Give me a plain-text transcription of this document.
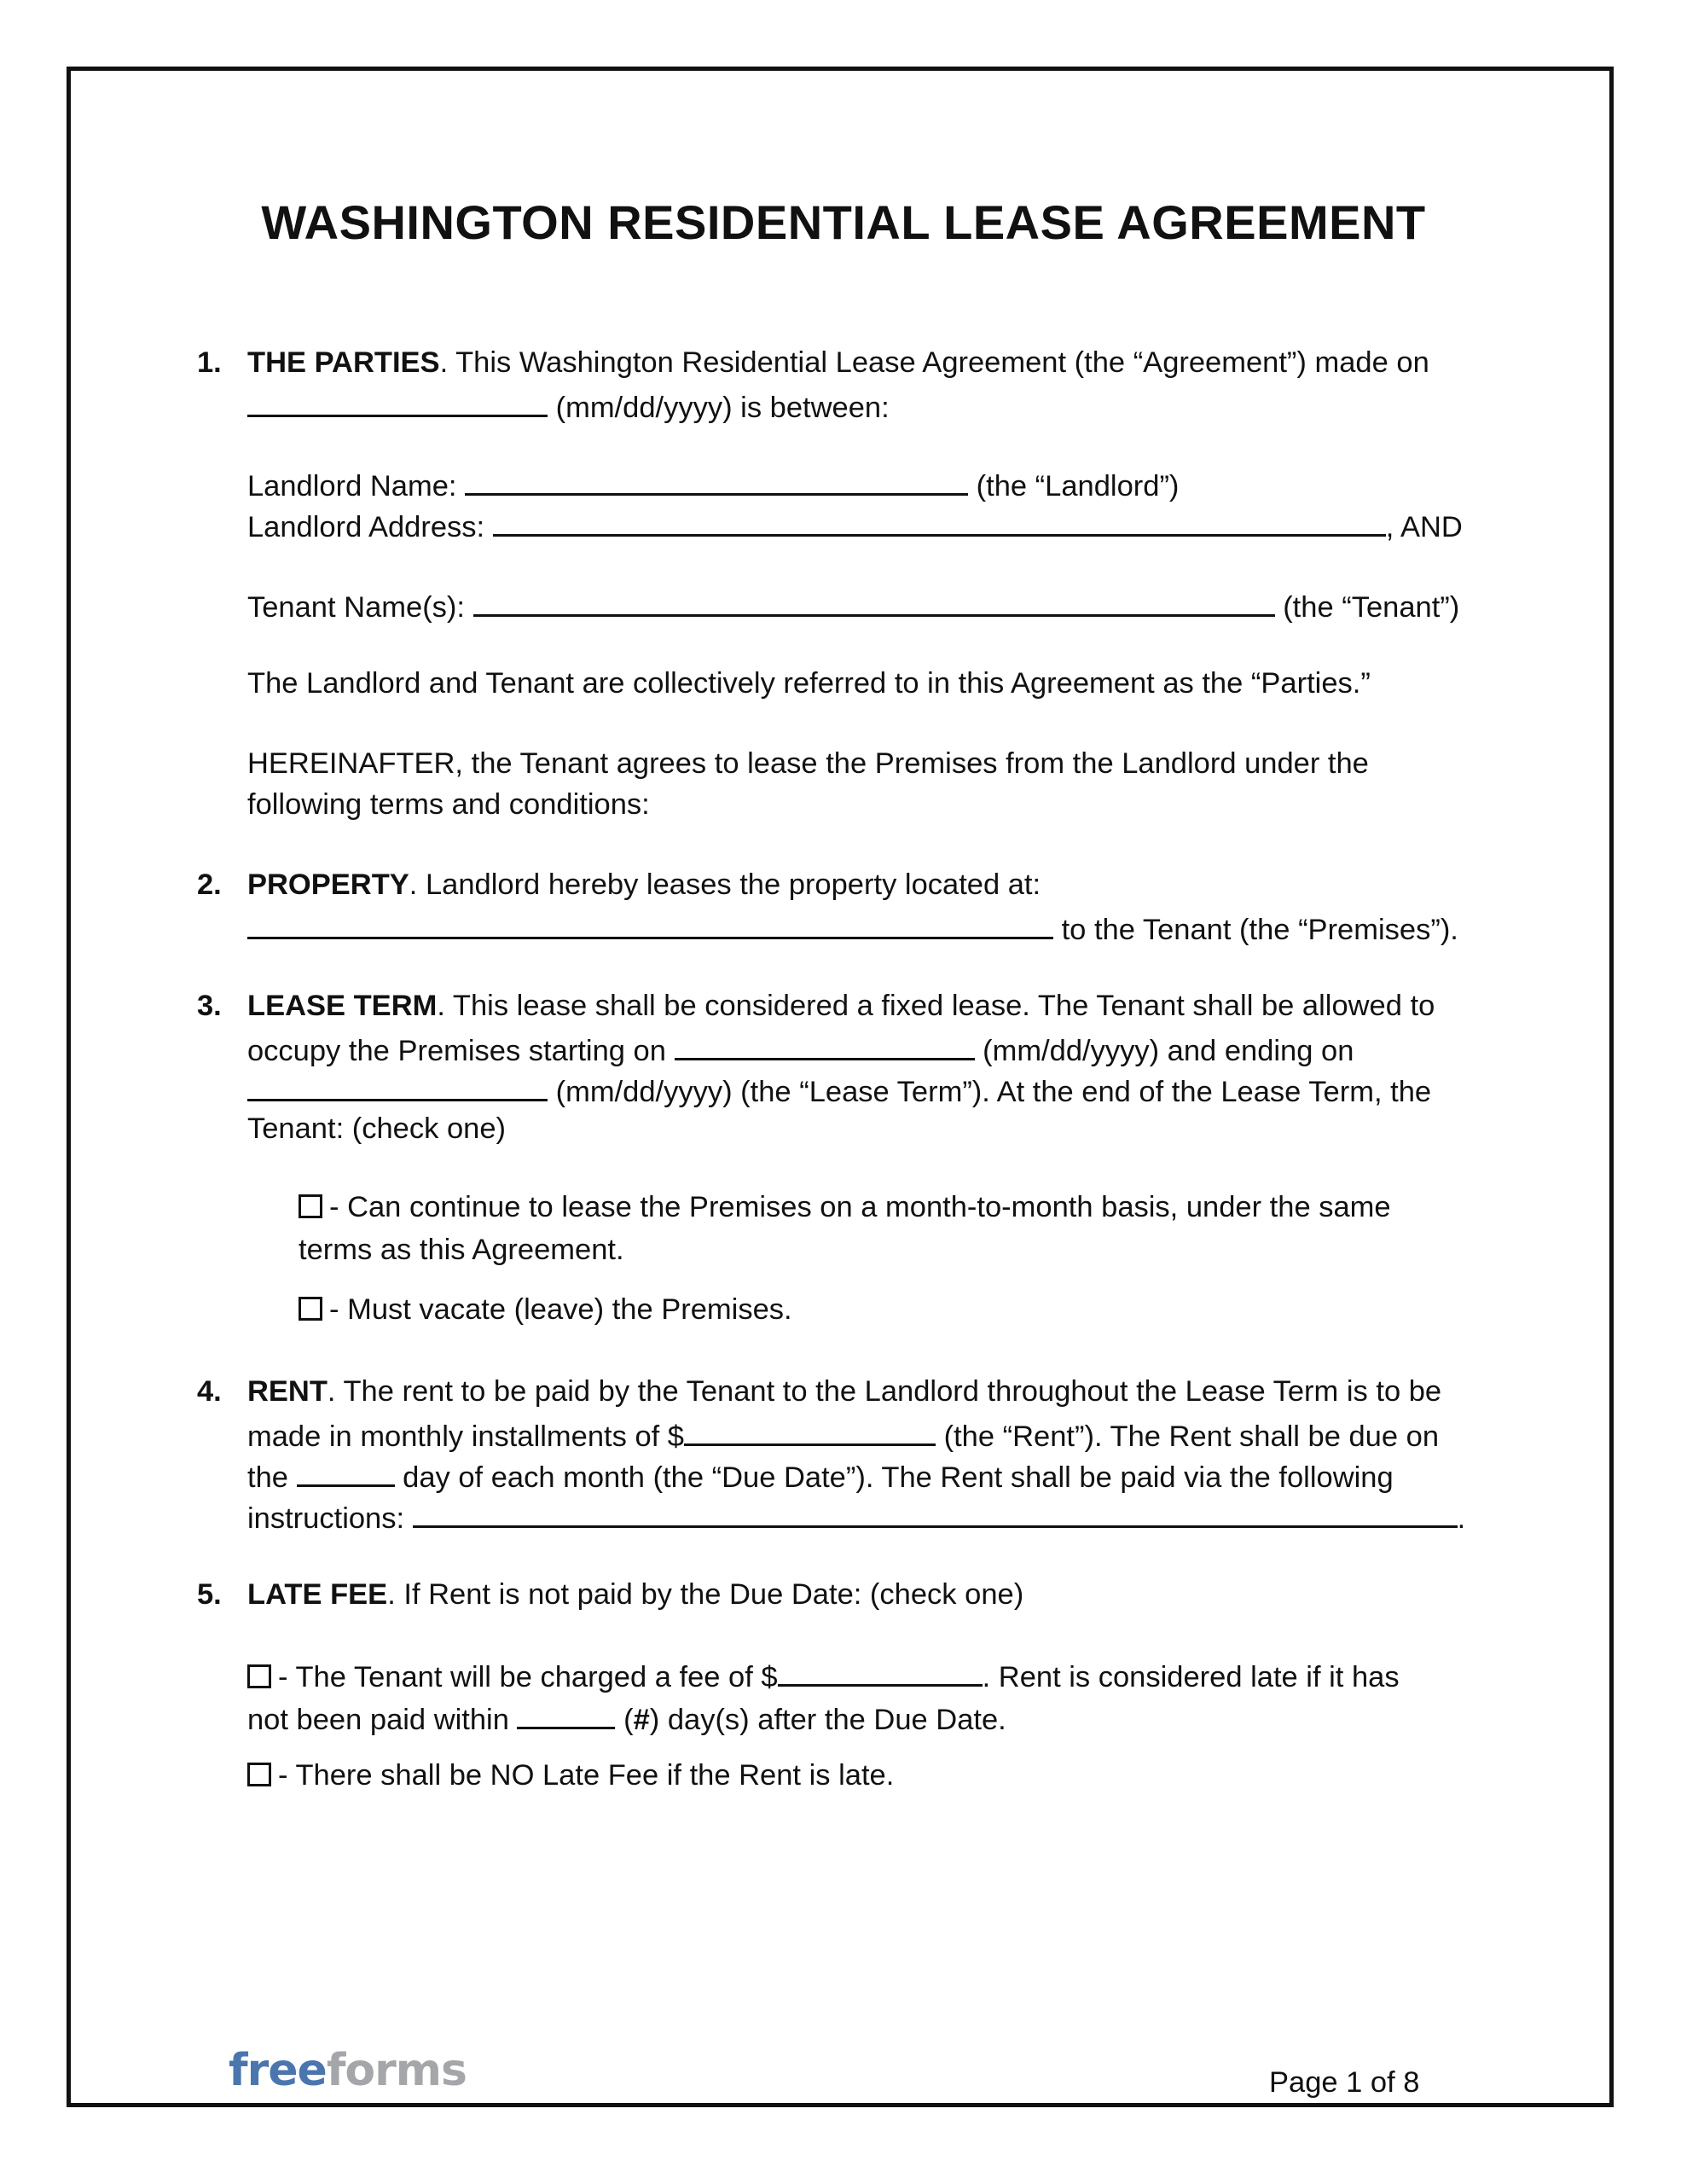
WASHINGTON RESIDENTIAL LEASE AGREEMENT
1. THE PARTIES. This Washington Residential Lease Agreement (the “Agreement”) made on
(mm/dd/yyyy) is between:
Landlord Name:	(the “Landlord”)
Landlord Address:	, AND
Tenant Name(s):	(the “Tenant”)
The Landlord and Tenant are collectively referred to in this Agreement as the “Parties.”
HEREINAFTER, the Tenant agrees to lease the Premises from the Landlord under the
following terms and conditions:
2. PROPERTY. Landlord hereby leases the property located at:
to the Tenant (the “Premises”).
3. LEASE TERM. This lease shall be considered a fixed lease. The Tenant shall be allowed to
occupy the Premises starting on	(mm/dd/yyyy) and ending on
(mm/dd/yyyy) (the “Lease Term”). At the end of the Lease Term, the
Tenant: (check one)
- Can continue to lease the Premises on a month-to-month basis, under the same
terms as this Agreement.
- Must vacate (leave) the Premises.
4. RENT. The rent to be paid by the Tenant to the Landlord throughout the Lease Term is to be
made in monthly installments of $	(the “Rent”). The Rent shall be due on
the	day of each month (the “Due Date”). The Rent shall be paid via the following
instructions:	.
5. LATE FEE. If Rent is not paid by the Due Date: (check one)
- The Tenant will be charged a fee of $	. Rent is considered late if it has
not been paid within	(#) day(s) after the Due Date.
- There shall be NO Late Fee if the Rent is late.
freeforms	Page 1 of 8
